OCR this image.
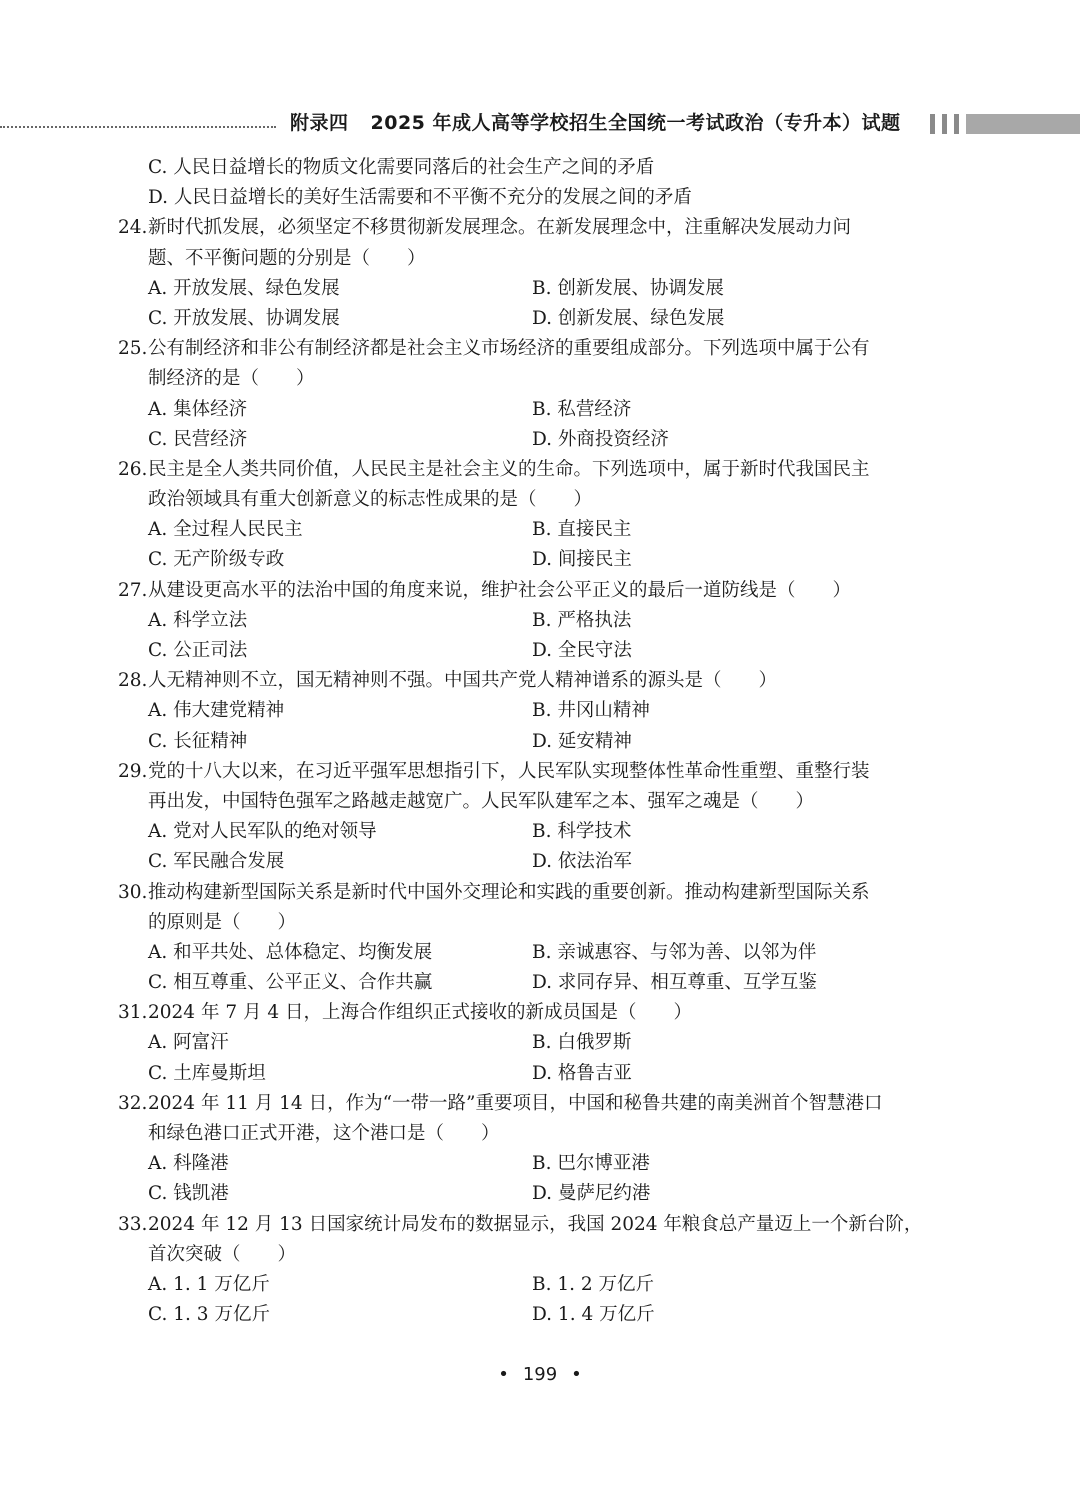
附录四 2025 年成人高等学校招生全国统一考试政治（专升本）试题
C. 人民日益增长的物质文化需要同落后的社会生产之间的矛盾
D. 人民日益增长的美好生活需要和不平衡不充分的发展之间的矛盾
24. 新时代抓发展，必须坚定不移贯彻新发展理念。在新发展理念中，注重解决发展动力问
题、不平衡问题的分别是（　　）
A. 开放发展、绿色发展	B. 创新发展、协调发展
C. 开放发展、协调发展	D. 创新发展、绿色发展
25. 公有制经济和非公有制经济都是社会主义市场经济的重要组成部分。下列选项中属于公有
制经济的是（　　）
A. 集体经济	B. 私营经济
C. 民营经济	D. 外商投资经济
26. 民主是全人类共同价值，人民民主是社会主义的生命。下列选项中，属于新时代我国民主
政治领域具有重大创新意义的标志性成果的是（　　）
A. 全过程人民民主	B. 直接民主
C. 无产阶级专政	D. 间接民主
27. 从建设更高水平的法治中国的角度来说，维护社会公平正义的最后一道防线是（　　）
A. 科学立法	B. 严格执法
C. 公正司法	D. 全民守法
28. 人无精神则不立，国无精神则不强。中国共产党人精神谱系的源头是（　　）
A. 伟大建党精神	B. 井冈山精神
C. 长征精神	D. 延安精神
29. 党的十八大以来，在习近平强军思想指引下，人民军队实现整体性革命性重塑、重整行装
再出发，中国特色强军之路越走越宽广。人民军队建军之本、强军之魂是（　　）
A. 党对人民军队的绝对领导	B. 科学技术
C. 军民融合发展	D. 依法治军
30. 推动构建新型国际关系是新时代中国外交理论和实践的重要创新。推动构建新型国际关系
的原则是（　　）
A. 和平共处、总体稳定、均衡发展	B. 亲诚惠容、与邻为善、以邻为伴
C. 相互尊重、公平正义、合作共赢	D. 求同存异、相互尊重、互学互鉴
31. 2024 年 7 月 4 日，上海合作组织正式接收的新成员国是（　　）
A. 阿富汗	B. 白俄罗斯
C. 土库曼斯坦	D. 格鲁吉亚
32. 2024 年 11 月 14 日，作为“一带一路”重要项目，中国和秘鲁共建的南美洲首个智慧港口
和绿色港口正式开港，这个港口是（　　）
A. 科隆港	B. 巴尔博亚港
C. 钱凯港	D. 曼萨尼约港
33. 2024 年 12 月 13 日国家统计局发布的数据显示，我国 2024 年粮食总产量迈上一个新台阶，
首次突破（　　）
A. 1. 1 万亿斤	B. 1. 2 万亿斤
C. 1. 3 万亿斤	D. 1. 4 万亿斤
• 199 •
